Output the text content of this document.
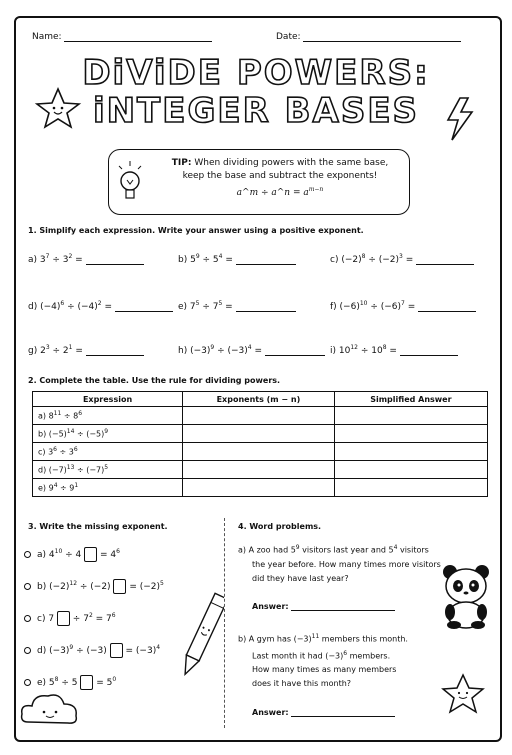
Name:	Date:
DiViDE POWERS:
iNTEGER BASES
TIP: When dividing powers with the same base,
keep the base and subtract the exponents!
a^m ÷ a^n = $a^{m-n}$
1. Simplify each expression. Write your answer using a positive exponent.
a) $3^7 \div 3^2$ =	b) $5^9 \div 5^4$ =	c) $(-2)^8 \div (-2)^3$ =
d) $(-4)^6 \div (-4)^2$ =	e) $7^5 \div 7^5$ =	f) $(-6)^{10} \div (-6)^7$ =
g) $2^3 \div 2^1$ =	h) $(-3)^9 \div (-3)^4$ =	i) $10^{12} \div 10^8$ =
2. Complete the table. Use the rule for dividing powers.
Expression	Exponents (m − n)	Simplified Answer
a) $8^{11} \div 8^6$		
b) $(-5)^{14} \div (-5)^9$		
c) $3^6 \div 3^6$		
d) $(-7)^{13} \div (-7)^5$		
e) $9^4 \div 9^1$		
3. Write the missing exponent.
a) $4^{10} \div 4 = 4^6$
b) $(-2)^{12} \div (-2) = (-2)^5$
c) $7 \div 7^2 = 7^6$
d) $(-3)^9 \div (-3) = (-3)^4$
e) $5^8 \div 5 = 5^0$
4. Word problems.
a) A zoo had $5^9$ visitors last year and $5^4$ visitors
the year before. How many times more visitors
did they have last year?
Answer:
b) A gym has $(-3)^{11}$ members this month.
Last month it had $(-3)^6$ members.
How many times as many members
does it have this month?
Answer:
